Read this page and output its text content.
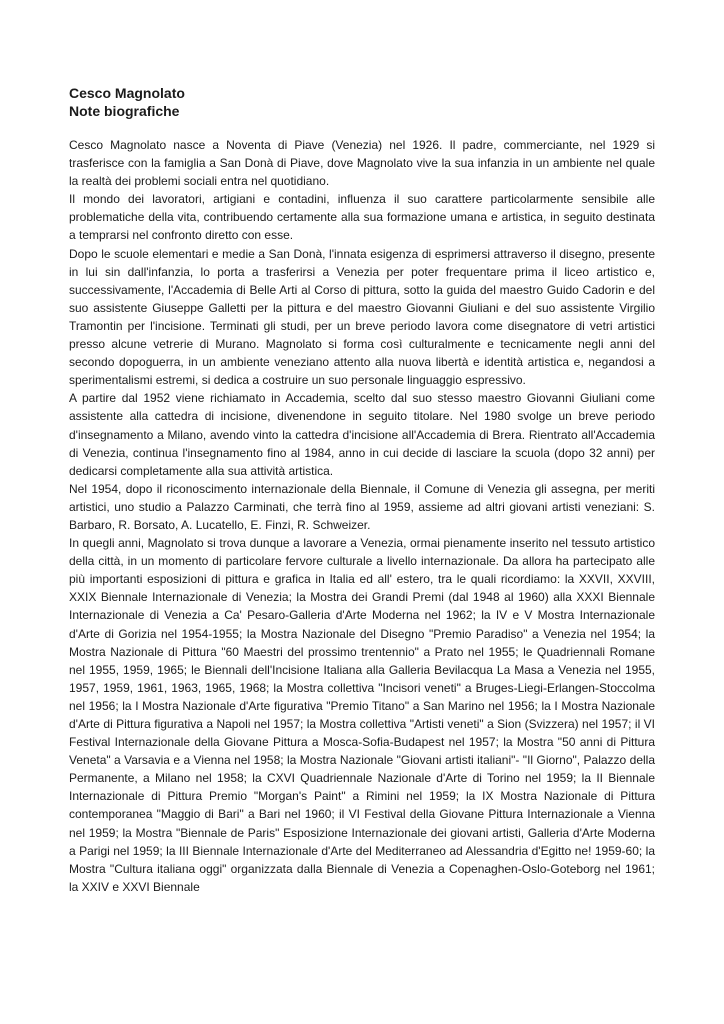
Cesco Magnolato
Note biografiche

Cesco Magnolato nasce a Noventa di Piave (Venezia) nel 1926. Il padre, commerciante, nel 1929 si trasferisce con la famiglia a San Donà di Piave, dove Magnolato vive la sua infanzia in un ambiente nel quale la realtà dei problemi sociali entra nel quotidiano.

Il mondo dei lavoratori, artigiani e contadini, influenza il suo carattere particolarmente sensibile alle problematiche della vita, contribuendo certamente alla sua formazione umana e artistica, in seguito destinata a temprarsi nel confronto diretto con esse.

Dopo le scuole elementari e medie a San Donà, l'innata esigenza di esprimersi attraverso il disegno, presente in lui sin dall'infanzia, lo porta a trasferirsi a Venezia per poter frequentare prima il liceo artistico e, successivamente, l'Accademia di Belle Arti al Corso di pittura, sotto la guida del maestro Guido Cadorin e del suo assistente Giuseppe Galletti per la pittura e del maestro Giovanni Giuliani e del suo assistente Virgilio Tramontin per l'incisione. Terminati gli studi, per un breve periodo lavora come disegnatore di vetri artistici presso alcune vetrerie di Murano. Magnolato si forma così culturalmente e tecnicamente negli anni del secondo dopoguerra, in un ambiente veneziano attento alla nuova libertà e identità artistica e, negandosi a sperimentalismi estremi, si dedica a costruire un suo personale linguaggio espressivo.

A partire dal 1952 viene richiamato in Accademia, scelto dal suo stesso maestro Giovanni Giuliani come assistente alla cattedra di incisione, divenendone in seguito titolare. Nel 1980 svolge un breve periodo d'insegnamento a Milano, avendo vinto la cattedra d'incisione all'Accademia di Brera. Rientrato all'Accademia di Venezia, continua l'insegnamento fino al 1984, anno in cui decide di lasciare la scuola (dopo 32 anni) per dedicarsi completamente alla sua attività artistica.

Nel 1954, dopo il riconoscimento internazionale della Biennale, il Comune di Venezia gli assegna, per meriti artistici, uno studio a Palazzo Carminati, che terrà fino al 1959, assieme ad altri giovani artisti veneziani: S. Barbaro, R. Borsato, A. Lucatello, E. Finzi, R. Schweizer.

In quegli anni, Magnolato si trova dunque a lavorare a Venezia, ormai pienamente inserito nel tessuto artistico della città, in un momento di particolare fervore culturale a livello internazionale. Da allora ha partecipato alle più importanti esposizioni di pittura e grafica in Italia ed all' estero, tra le quali ricordiamo: la XXVII, XXVIII, XXIX Biennale Internazionale di Venezia; la Mostra dei Grandi Premi (dal 1948 al 1960) alla XXXI Biennale Internazionale di Venezia a Ca' Pesaro-Galleria d'Arte Moderna nel 1962; la IV e V Mostra Internazionale d'Arte di Gorizia nel 1954-1955; la Mostra Nazionale del Disegno "Premio Paradiso" a Venezia nel 1954; la Mostra Nazionale di Pittura "60 Maestri del prossimo trentennio" a Prato nel 1955; le Quadriennali Romane nel 1955, 1959, 1965; le Biennali dell'Incisione Italiana alla Galleria Bevilacqua La Masa a Venezia nel 1955, 1957, 1959, 1961, 1963, 1965, 1968; la Mostra collettiva "Incisori veneti" a Bruges-Liegi-Erlangen-Stoccolma nel 1956; la I Mostra Nazionale d'Arte figurativa "Premio Titano" a San Marino nel 1956; la I Mostra Nazionale d'Arte di Pittura figurativa a Napoli nel 1957; la Mostra collettiva "Artisti veneti" a Sion (Svizzera) nel 1957; il VI Festival Internazionale della Giovane Pittura a Mosca-Sofia-Budapest nel 1957; la Mostra "50 anni di Pittura Veneta" a Varsavia e a Vienna nel 1958; la Mostra Nazionale "Giovani artisti italiani"- "Il Giorno", Palazzo della Permanente, a Milano nel 1958; la CXVI Quadriennale Nazionale d'Arte di Torino nel 1959; la II Biennale Internazionale di Pittura Premio "Morgan's Paint" a Rimini nel 1959; la IX Mostra Nazionale di Pittura contemporanea "Maggio di Bari" a Bari nel 1960; il VI Festival della Giovane Pittura Internazionale a Vienna nel 1959; la Mostra "Biennale de Paris" Esposizione Internazionale dei giovani artisti, Galleria d'Arte Moderna a Parigi nel 1959; la III Biennale Internazionale d'Arte del Mediterraneo ad Alessandria d'Egitto ne! 1959-60; la Mostra "Cultura italiana oggi" organizzata dalla Biennale di Venezia a Copenaghen-Oslo-Goteborg nel 1961; la XXIV e XXVI Biennale
